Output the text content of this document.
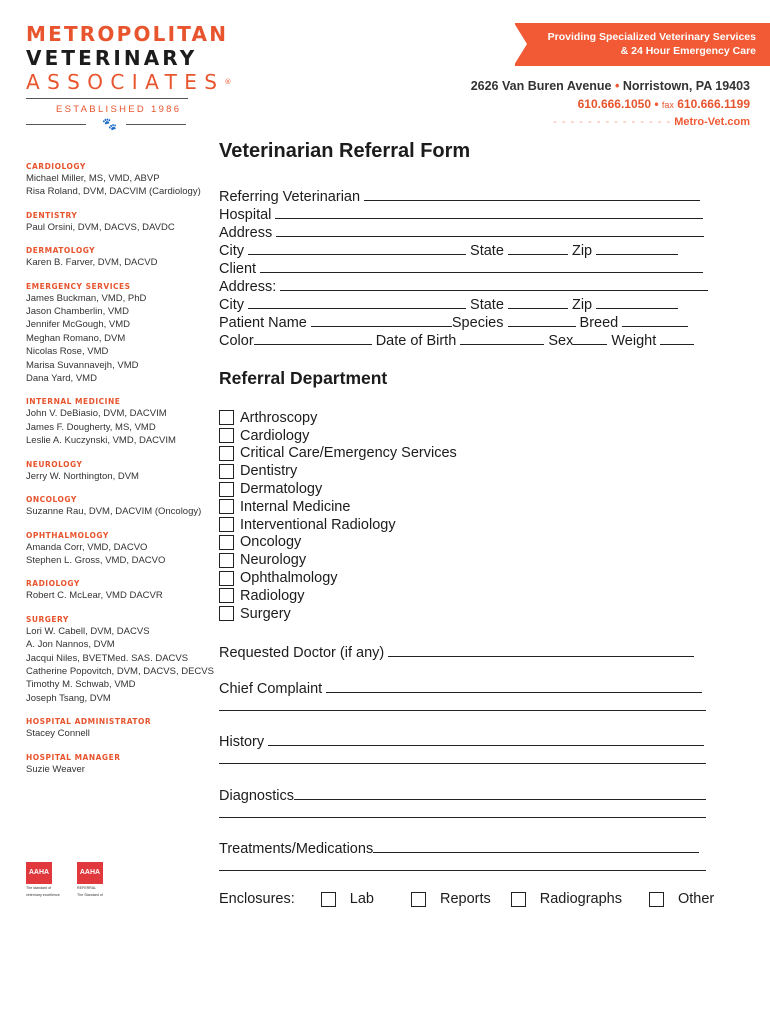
METROPOLITAN
VETERINARY
ASSOCIATES®
ESTABLISHED 1986
🐾
Providing Specialized Veterinary Services
& 24 Hour Emergency Care
2626 Van Buren Avenue • Norristown, PA 19403
610.666.1050 • fax 610.666.1199
- - - - - - - - - - - - - - Metro-Vet.com
CARDIOLOGY
Michael Miller, MS, VMD, ABVP
Risa Roland, DVM, DACVIM (Cardiology)
DENTISTRY
Paul Orsini, DVM, DACVS, DAVDC
DERMATOLOGY
Karen B. Farver, DVM, DACVD
EMERGENCY SERVICES
James Buckman, VMD, PhD
Jason Chamberlin, VMD
Jennifer McGough, VMD
Meghan Romano, DVM
Nicolas Rose, VMD
Marisa Suvannavejh, VMD
Dana Yard, VMD
INTERNAL MEDICINE
John V. DeBiasio, DVM, DACVIM
James F. Dougherty, MS, VMD
Leslie A. Kuczynski, VMD, DACVIM
NEUROLOGY
Jerry W. Northington, DVM
ONCOLOGY
Suzanne Rau, DVM, DACVIM (Oncology)
OPHTHALMOLOGY
Amanda Corr, VMD, DACVO
Stephen L. Gross, VMD, DACVO
RADIOLOGY
Robert C. McLear, VMD DACVR
SURGERY
Lori W. Cabell, DVM, DACVS
A. Jon Nannos, DVM
Jacqui Niles, BVETMed. SAS. DACVS
Catherine Popovitch, DVM, DACVS, DECVS
Timothy M. Schwab, VMD
Joseph Tsang, DVM
HOSPITAL ADMINISTRATOR
Stacey Connell
HOSPITAL MANAGER
Suzie Weaver
AAHA
The standard of
veterinary excellence
AAHA
REFERRAL
The Standard of
Veterinarian Referral Form
Referring Veterinarian
Hospital
Address
City	State	Zip
Client
Address:
City	State	Zip
Patient Name	Species	Breed
Color	Date of Birth	Sex	Weight
Referral Department
Arthroscopy
Cardiology
Critical Care/Emergency Services
Dentistry
Dermatology
Internal Medicine
Interventional Radiology
Oncology
Neurology
Ophthalmology
Radiology
Surgery
Requested Doctor (if any)
Chief Complaint
History
Diagnostics
Treatments/Medications
Enclosures:	Lab	Reports	Radiographs	Other
